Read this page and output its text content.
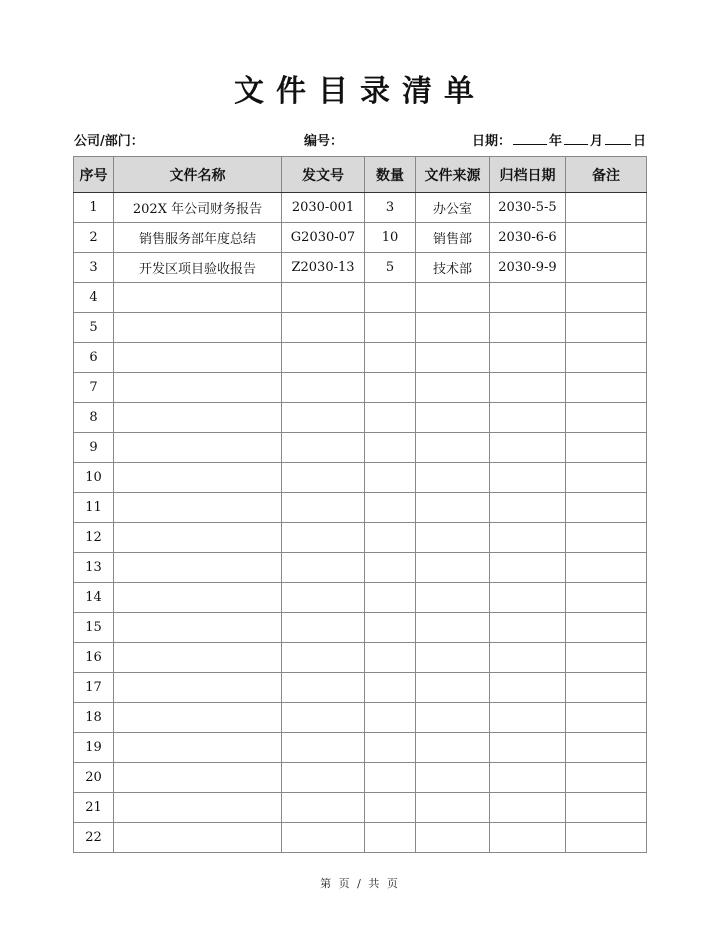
文件目录清单
公司/部门：	编号：	日期：	年 月 日
序号	文件名称	发文号	数量	文件来源	归档日期	备注
1	202X 年公司财务报告	2030-001	3	办公室	2030-5-5	
2	销售服务部年度总结	G2030-07	10	销售部	2030-6-6	
3	开发区项目验收报告	Z2030-13	5	技术部	2030-9-9	
4						
5						
6						
7						
8						
9						
10						
11						
12						
13						
14						
15						
16						
17						
18						
19						
20						
21						
22						
第 页 / 共 页
